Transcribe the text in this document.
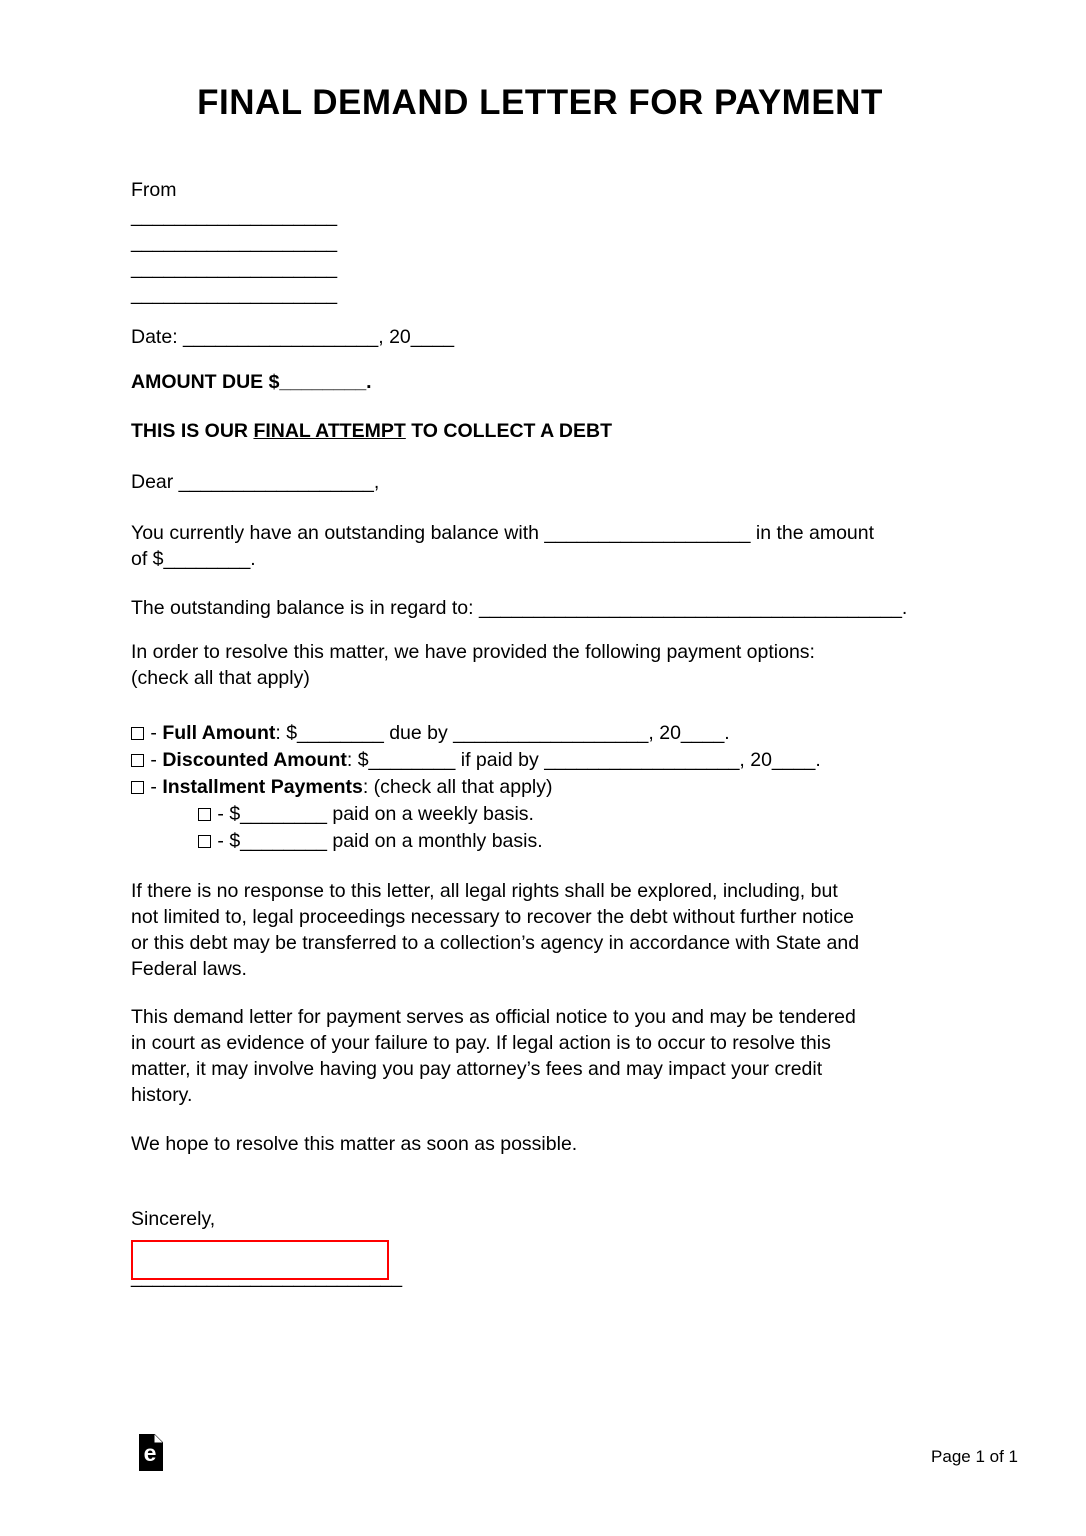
FINAL DEMAND LETTER FOR PAYMENT
From
___________________
___________________
___________________
___________________
Date: __________________, 20____
AMOUNT DUE $________.
THIS IS OUR FINAL ATTEMPT TO COLLECT A DEBT
Dear __________________,
You currently have an outstanding balance with ___________________ in the amount
of $________.
The outstanding balance is in regard to: _______________________________________.
In order to resolve this matter, we have provided the following payment options:
(check all that apply)
- Full Amount: $________ due by __________________, 20____.
- Discounted Amount: $________ if paid by __________________, 20____.
- Installment Payments: (check all that apply)
- $________ paid on a weekly basis.
- $________ paid on a monthly basis.
If there is no response to this letter, all legal rights shall be explored, including, but
not limited to, legal proceedings necessary to recover the debt without further notice
or this debt may be transferred to a collection’s agency in accordance with State and
Federal laws.
This demand letter for payment serves as official notice to you and may be tendered
in court as evidence of your failure to pay. If legal action is to occur to resolve this
matter, it may involve having you pay attorney’s fees and may impact your credit
history.
We hope to resolve this matter as soon as possible.
Sincerely,
_________________________
e	Page 1 of 1
